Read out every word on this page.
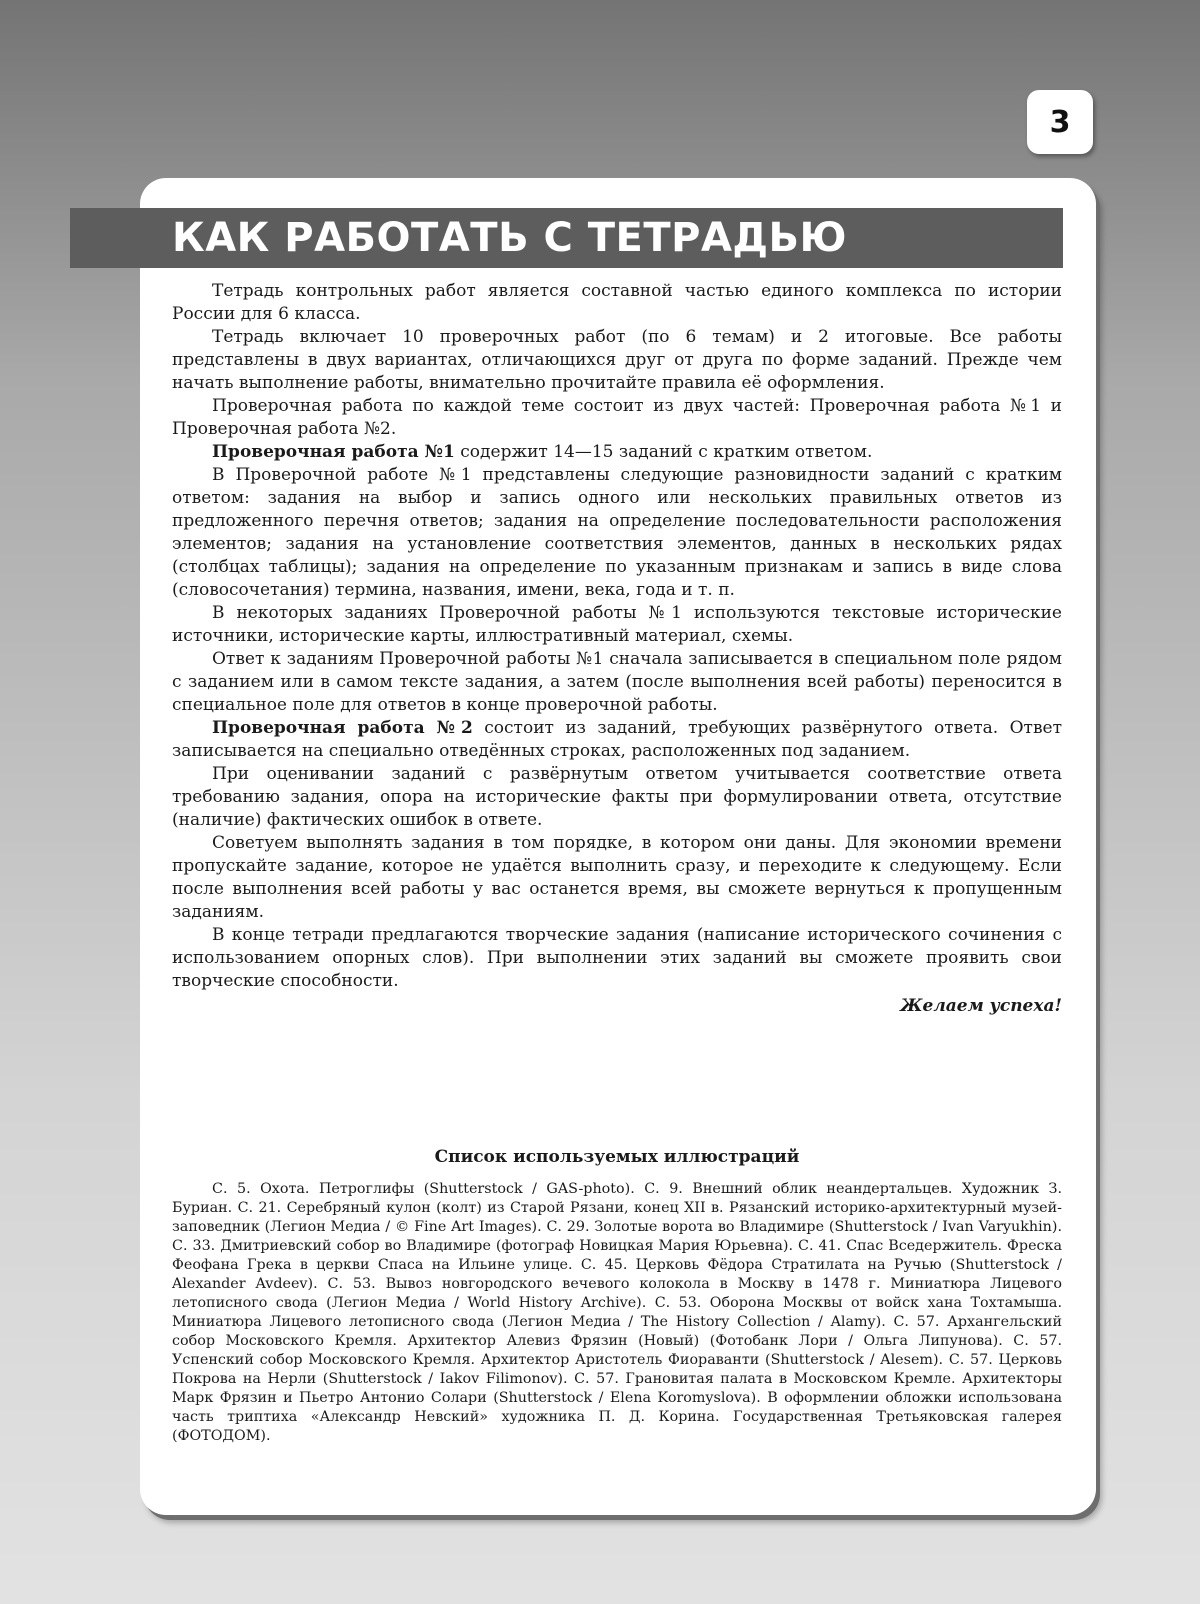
3
КАК РАБОТАТЬ С ТЕТРАДЬЮ

Тетрадь контрольных работ является составной частью единого комплекса по истории России для 6 класса.

Тетрадь включает 10 проверочных работ (по 6 темам) и 2 итоговые. Все работы представлены в двух вариантах, отличающихся друг от друга по форме заданий. Прежде чем начать выполнение работы, внимательно прочитайте правила её оформления.

Проверочная работа по каждой теме состоит из двух частей: Проверочная работа №1 и Проверочная работа №2.

Проверочная работа №1 содержит 14—15 заданий с кратким ответом.

В Проверочной работе №1 представлены следующие разновидности заданий с кратким ответом: задания на выбор и запись одного или нескольких правильных ответов из предложенного перечня ответов; задания на определение последовательности расположения элементов; задания на установление соответствия элементов, данных в нескольких рядах (столбцах таблицы); задания на определение по указанным признакам и запись в виде слова (словосочетания) термина, названия, имени, века, года и т. п.

В некоторых заданиях Проверочной работы №1 используются текстовые исторические источники, исторические карты, иллюстративный материал, схемы.

Ответ к заданиям Проверочной работы №1 сначала записывается в специальном поле рядом с заданием или в самом тексте задания, а затем (после выполнения всей работы) переносится в специальное поле для ответов в конце проверочной работы.

Проверочная работа №2 состоит из заданий, требующих развёрнутого ответа. Ответ записывается на специально отведённых строках, расположенных под заданием.

При оценивании заданий с развёрнутым ответом учитывается соответствие ответа требованию задания, опора на исторические факты при формулировании ответа, отсутствие (наличие) фактических ошибок в ответе.

Советуем выполнять задания в том порядке, в котором они даны. Для экономии времени пропускайте задание, которое не удаётся выполнить сразу, и переходите к следующему. Если после выполнения всей работы у вас останется время, вы сможете вернуться к пропущенным заданиям.

В конце тетради предлагаются творческие задания (написание исторического сочинения с использованием опорных слов). При выполнении этих заданий вы сможете проявить свои творческие способности.

Желаем успеха!

Список используемых иллюстраций

С. 5. Охота. Петроглифы (Shutterstock / GAS-photo). С. 9. Внешний облик неандертальцев. Художник З. Буриан. С. 21. Серебряный кулон (колт) из Старой Рязани, конец XII в. Рязанский историко-архитектурный музей-заповедник (Легион Медиа / © Fine Art Images). С. 29. Золотые ворота во Владимире (Shutterstock / Ivan Varyukhin). С. 33. Дмитриевский собор во Владимире (фотограф Новицкая Мария Юрьевна). С. 41. Спас Вседержитель. Фреска Феофана Грека в церкви Спаса на Ильине улице. С. 45. Церковь Фёдора Стратилата на Ручью (Shutterstock / Alexander Avdeev). С. 53. Вывоз новгородского вечевого колокола в Москву в 1478 г. Миниатюра Лицевого летописного свода (Легион Медиа / World History Archive). С. 53. Оборона Москвы от войск хана Тохтамыша. Миниатюра Лицевого летописного свода (Легион Медиа / The History Collection / Alamy). С. 57. Архангельский собор Московского Кремля. Архитектор Алевиз Фрязин (Новый) (Фотобанк Лори / Ольга Липунова). С. 57. Успенский собор Московского Кремля. Архитектор Аристотель Фиораванти (Shutterstock / Alesem). С. 57. Церковь Покрова на Нерли (Shutterstock / Iakov Filimonov). С. 57. Грановитая палата в Московском Кремле. Архитекторы Марк Фрязин и Пьетро Антонио Солари (Shutterstock / Elena Koromyslova). В оформлении обложки использована часть триптиха «Александр Невский» художника П. Д. Корина. Государственная Третьяковская галерея (ФОТОДОМ).
